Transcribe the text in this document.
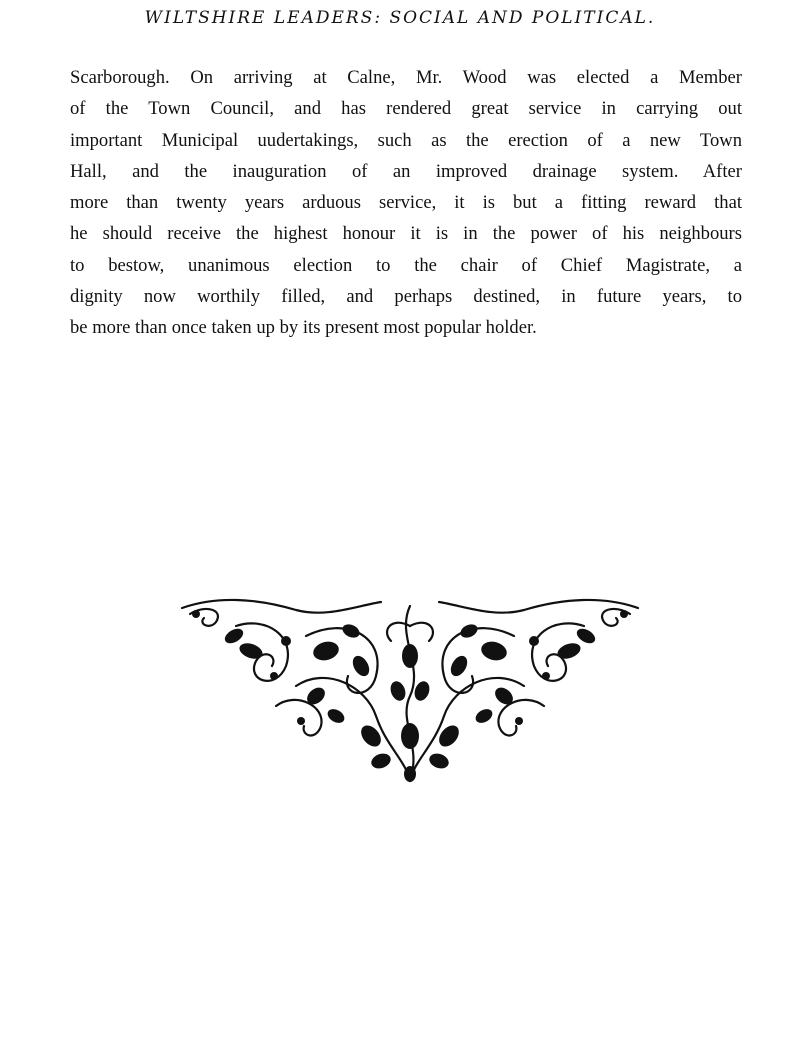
WILTSHIRE LEADERS: SOCIAL AND POLITICAL.

Scarborough. On arriving at Calne, Mr. Wood was elected a Member
of the Town Council, and has rendered great service in carrying out
important Municipal uudertakings, such as the erection of a new Town
Hall, and the inauguration of an improved drainage system. After
more than twenty years arduous service, it is but a fitting reward that
he should receive the highest honour it is in the power of his neighbours
to bestow, unanimous election to the chair of Chief Magistrate, a
dignity now worthily filled, and perhaps destined, in future years, to
be more than once taken up by its present most popular holder.
